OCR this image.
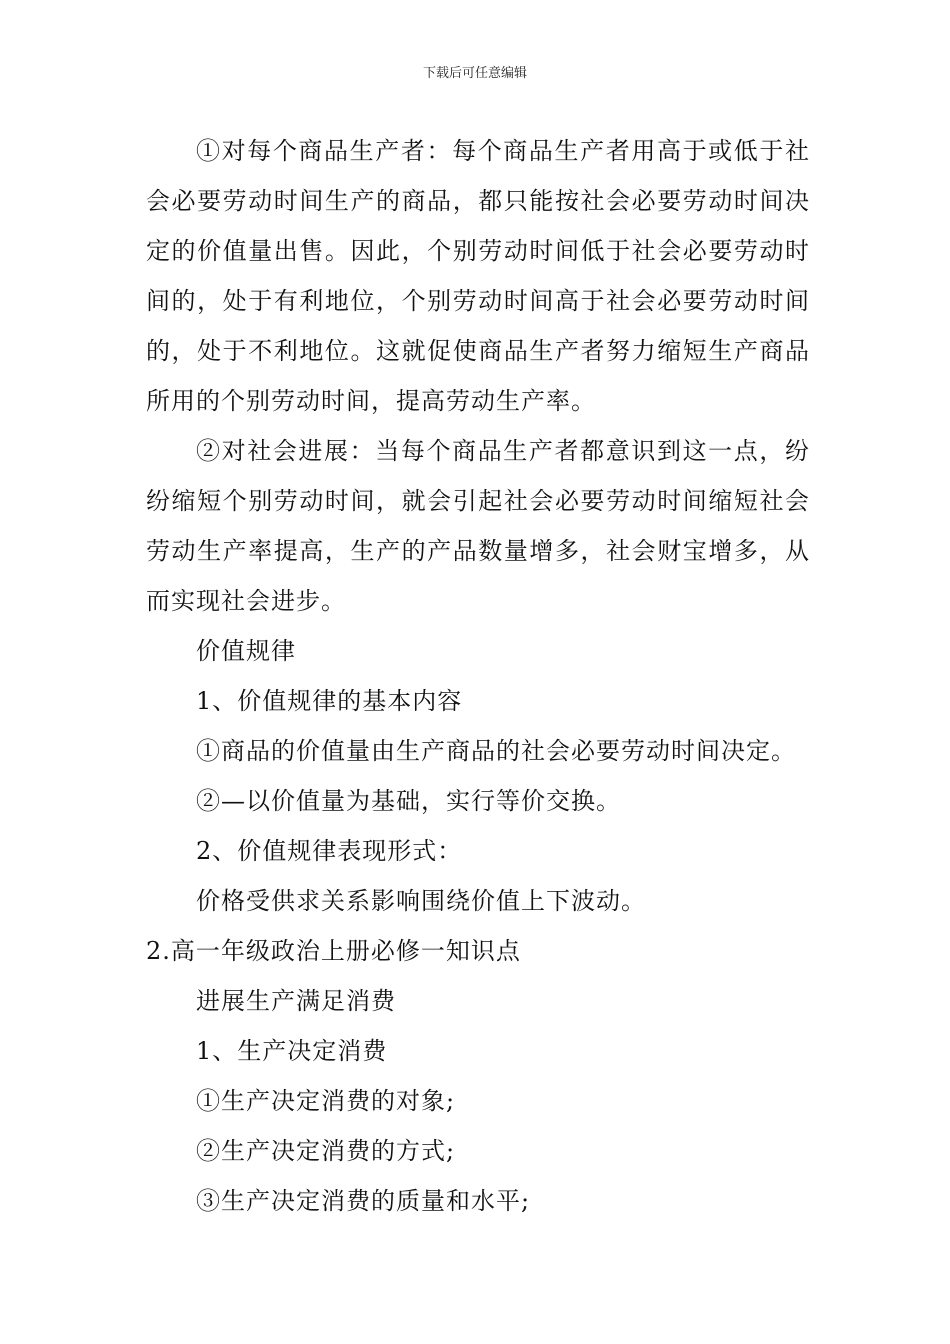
下载后可任意编辑

①对每个商品生产者：每个商品生产者用高于或低于社会必要劳动时间生产的商品，都只能按社会必要劳动时间决定的价值量出售。因此，个别劳动时间低于社会必要劳动时间的，处于有利地位，个别劳动时间高于社会必要劳动时间的，处于不利地位。这就促使商品生产者努力缩短生产商品所用的个别劳动时间，提高劳动生产率。

②对社会进展：当每个商品生产者都意识到这一点，纷纷缩短个别劳动时间，就会引起社会必要劳动时间缩短社会劳动生产率提高，生产的产品数量增多，社会财宝增多，从而实现社会进步。

价值规律

1、价值规律的基本内容

①商品的价值量由生产商品的社会必要劳动时间决定。

②—以价值量为基础，实行等价交换。

2、价值规律表现形式：

价格受供求关系影响围绕价值上下波动。

2.高一年级政治上册必修一知识点

进展生产满足消费

1、生产决定消费

①生产决定消费的对象;

②生产决定消费的方式;

③生产决定消费的质量和水平;
